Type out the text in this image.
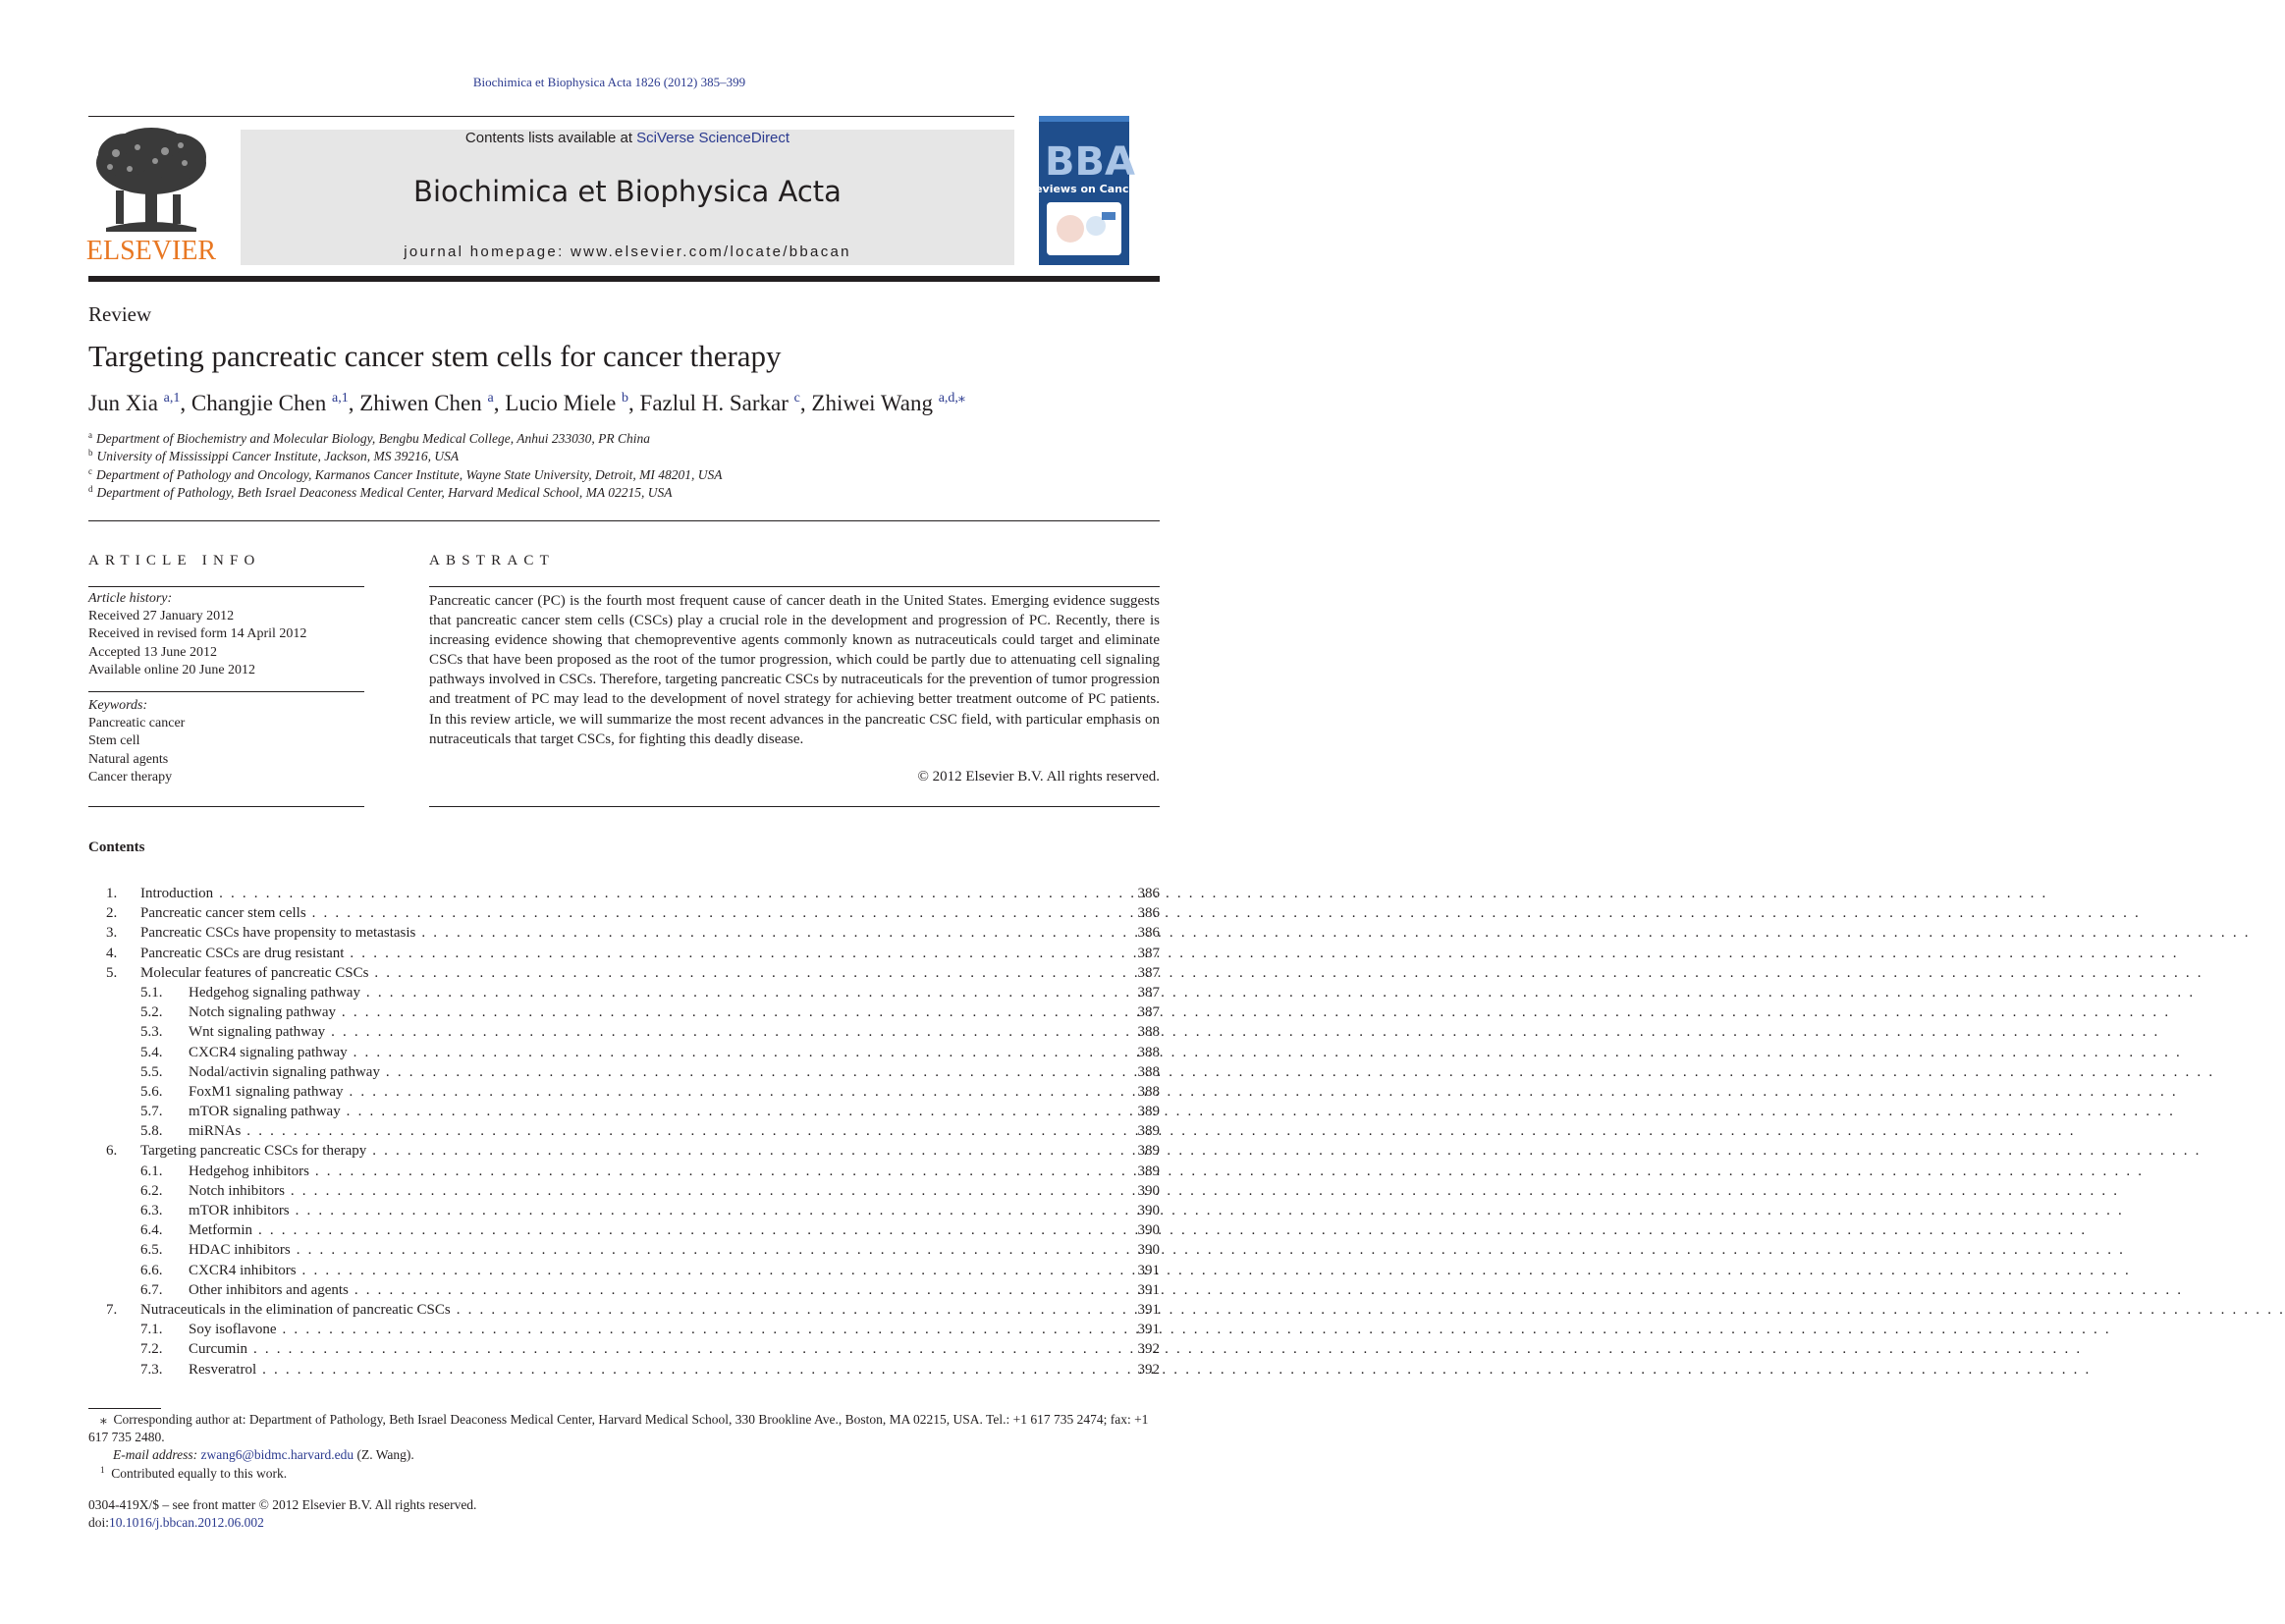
Biochimica et Biophysica Acta 1826 (2012) 385–399
ELSEVIER
Contents lists available at SciVerse ScienceDirect
Biochimica et Biophysica Acta
journal homepage: www.elsevier.com/locate/bbacan
BBA
Reviews on Cancer
Review
Targeting pancreatic cancer stem cells for cancer therapy
Jun Xia $^{a,1}$, Changjie Chen $^{a,1}$, Zhiwen Chen $^a$, Lucio Miele $^b$, Fazlul H. Sarkar $^c$, Zhiwei Wang $^{a,d,⁎}$
$^a$ Department of Biochemistry and Molecular Biology, Bengbu Medical College, Anhui 233030, PR China
$^b$ University of Mississippi Cancer Institute, Jackson, MS 39216, USA
$^c$ Department of Pathology and Oncology, Karmanos Cancer Institute, Wayne State University, Detroit, MI 48201, USA
$^d$ Department of Pathology, Beth Israel Deaconess Medical Center, Harvard Medical School, MA 02215, USA
ARTICLE INFO
Article history:
Received 27 January 2012
Received in revised form 14 April 2012
Accepted 13 June 2012
Available online 20 June 2012
Keywords:
Pancreatic cancer
Stem cell
Natural agents
Cancer therapy
ABSTRACT
Pancreatic cancer (PC) is the fourth most frequent cause of cancer death in the United States. Emerging evidence suggests that pancreatic cancer stem cells (CSCs) play a crucial role in the development and progression of PC. Recently, there is increasing evidence showing that chemopreventive agents commonly known as nutraceuticals could target and eliminate CSCs that have been proposed as the root of the tumor progression, which could be partly due to attenuating cell signaling pathways involved in CSCs. Therefore, targeting pancreatic CSCs by nutraceuticals for the prevention of tumor progression and treatment of PC may lead to the development of novel strategy for achieving better treatment outcome of PC patients. In this review article, we will summarize the most recent advances in the pancreatic CSC field, with particular emphasis on nutraceuticals that target CSCs, for fighting this deadly disease.
© 2012 Elsevier B.V. All rights reserved.
Contents
1. Introduction . . .	386
2. Pancreatic cancer stem cells . . .	386
3. Pancreatic CSCs have propensity to metastasis . . .	386
4. Pancreatic CSCs are drug resistant . . .	387
5. Molecular features of pancreatic CSCs . . .	387
5.1. Hedgehog signaling pathway . . .	387
5.2. Notch signaling pathway . . .	387
5.3. Wnt signaling pathway . . .	388
5.4. CXCR4 signaling pathway . . .	388
5.5. Nodal/activin signaling pathway . . .	388
5.6. FoxM1 signaling pathway . . .	388
5.7. mTOR signaling pathway . . .	389
5.8. miRNAs . . .	389
6. Targeting pancreatic CSCs for therapy . . .	389
6.1. Hedgehog inhibitors . . .	389
6.2. Notch inhibitors . . .	390
6.3. mTOR inhibitors . . .	390
6.4. Metformin . . .	390
6.5. HDAC inhibitors . . .	390
6.6. CXCR4 inhibitors . . .	391
6.7. Other inhibitors and agents . . .	391
7. Nutraceuticals in the elimination of pancreatic CSCs . . .	391
7.1. Soy isoflavone . . .	391
7.2. Curcumin . . .	392
7.3. Resveratrol . . .	392

⁎ Corresponding author at: Department of Pathology, Beth Israel Deaconess Medical Center, Harvard Medical School, 330 Brookline Ave., Boston, MA 02215, USA. Tel.: +1 617 735 2474; fax: +1 617 735 2480.

E-mail address: zwang6@bidmc.harvard.edu (Z. Wang).

$^1$ Contributed equally to this work.

0304-419X/$ – see front matter © 2012 Elsevier B.V. All rights reserved.
doi:10.1016/j.bbcan.2012.06.002
